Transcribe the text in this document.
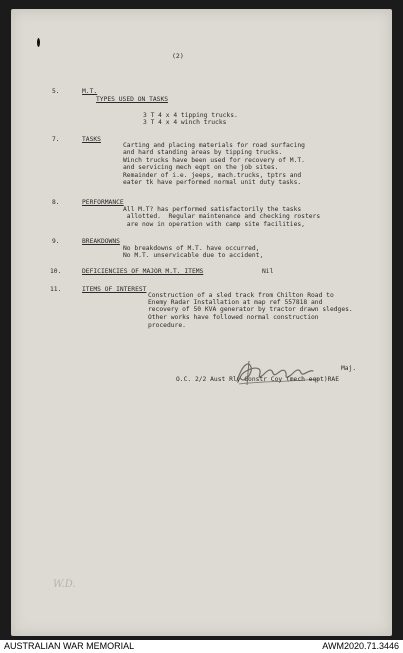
W.D.
(2)
5.	M.T.
TYPES USED ON TASKS
3 T 4 x 4 tipping trucks.
3 T 4 x 4 winch trucks
7.	TASKS
Carting and placing materials for road surfacing
and hard standing areas by tipping trucks.
Winch trucks have been used for recovery of M.T.
and servicing mech eqpt on the job sites.
Remainder of i.e. jeeps, mach.trucks, tptrs and
eater tk have performed normal unit duty tasks.
8.	PERFORMANCE
All M.T? has performed satisfactorily the tasks
allotted.  Regular maintenance and checking rosters
are now in operation with camp site facilities,
9.	BREAKDOWNS
No breakdowns of M.T. have occurred,
No M.T. unservicable due to accident,
10.	DEFICIENCIES OF MAJOR M.T. ITEMS	Nil
11.	ITEMS OF INTEREST
Construction of a sled track from Chilton Road to
Enemy Radar Installation at map ref 557818 and
recovery of 50 KVA generator by tractor drawn sledges.
Other works have followed normal construction
procedure.
Maj.
O.C. 2/2 Aust Rly Constr Coy (mech eqpt)RAE
AUSTRALIAN WAR MEMORIAL	AWM2020.71.3446
